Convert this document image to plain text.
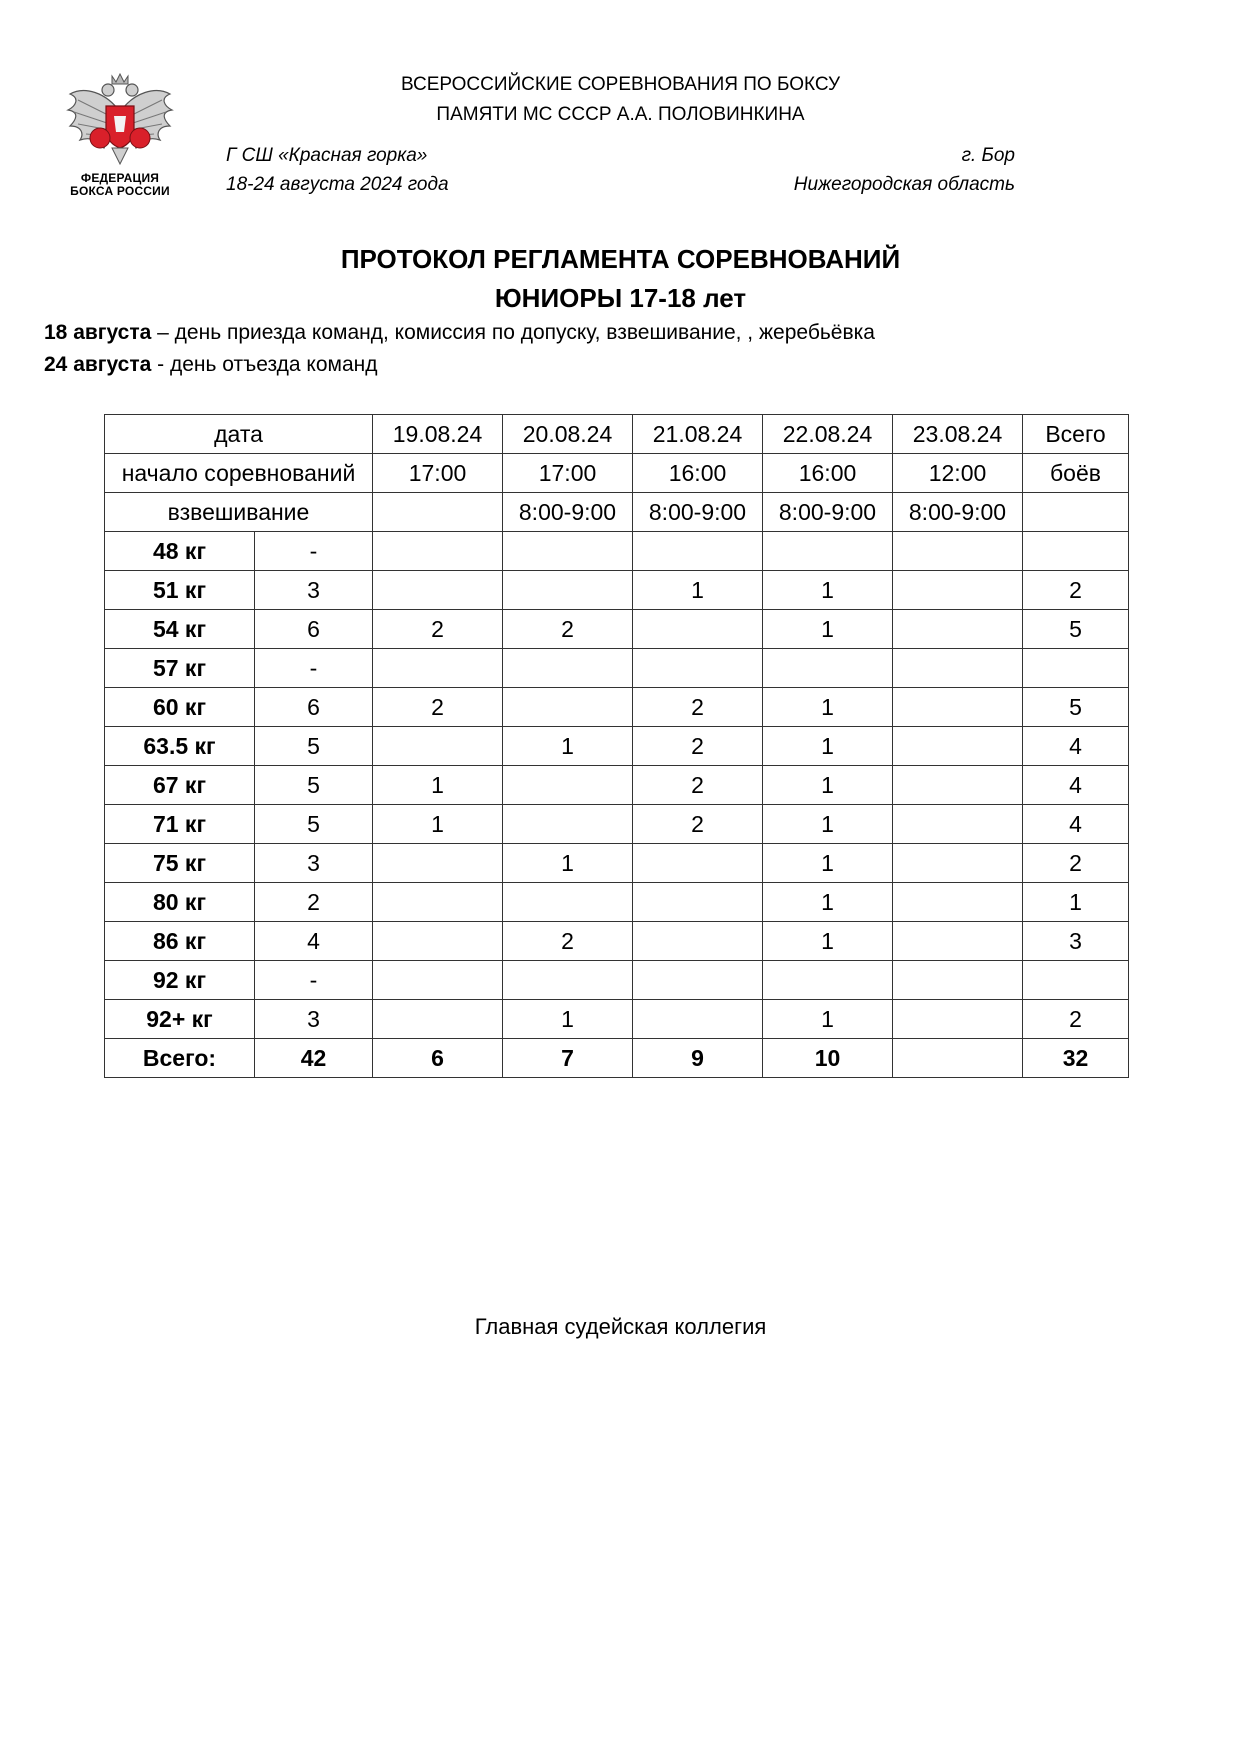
ФЕДЕРАЦИЯ
БОКСА РОССИИ
ВСЕРОССИЙСКИЕ СОРЕВНОВАНИЯ ПО БОКСУ
ПАМЯТИ МС СССР А.А. ПОЛОВИНКИНА
Г СШ «Красная горка»
18-24 августа 2024 года
г. Бор
Нижегородская область
ПРОТОКОЛ РЕГЛАМЕНТА СОРЕВНОВАНИЙ
ЮНИОРЫ 17-18 лет
18 августа – день приезда команд, комиссия по допуску, взвешивание, , жеребьёвка
24 августа - день отъезда команд
дата		19.08.24	20.08.24	21.08.24	22.08.24	23.08.24	Всего
начало соревнований		17:00	17:00	16:00	16:00	12:00	боёв
взвешивание			8:00-9:00	8:00-9:00	8:00-9:00	8:00-9:00	
48 кг	-						
51 кг	3			1	1		2
54 кг	6	2	2		1		5
57 кг	-						
60 кг	6	2		2	1		5
63.5 кг	5		1	2	1		4
67 кг	5	1		2	1		4
71 кг	5	1		2	1		4
75 кг	3		1		1		2
80 кг	2				1		1
86 кг	4		2		1		3
92 кг	-						
92+ кг	3		1		1		2
Всего:	42	6	7	9	10		32
Главная судейская коллегия
